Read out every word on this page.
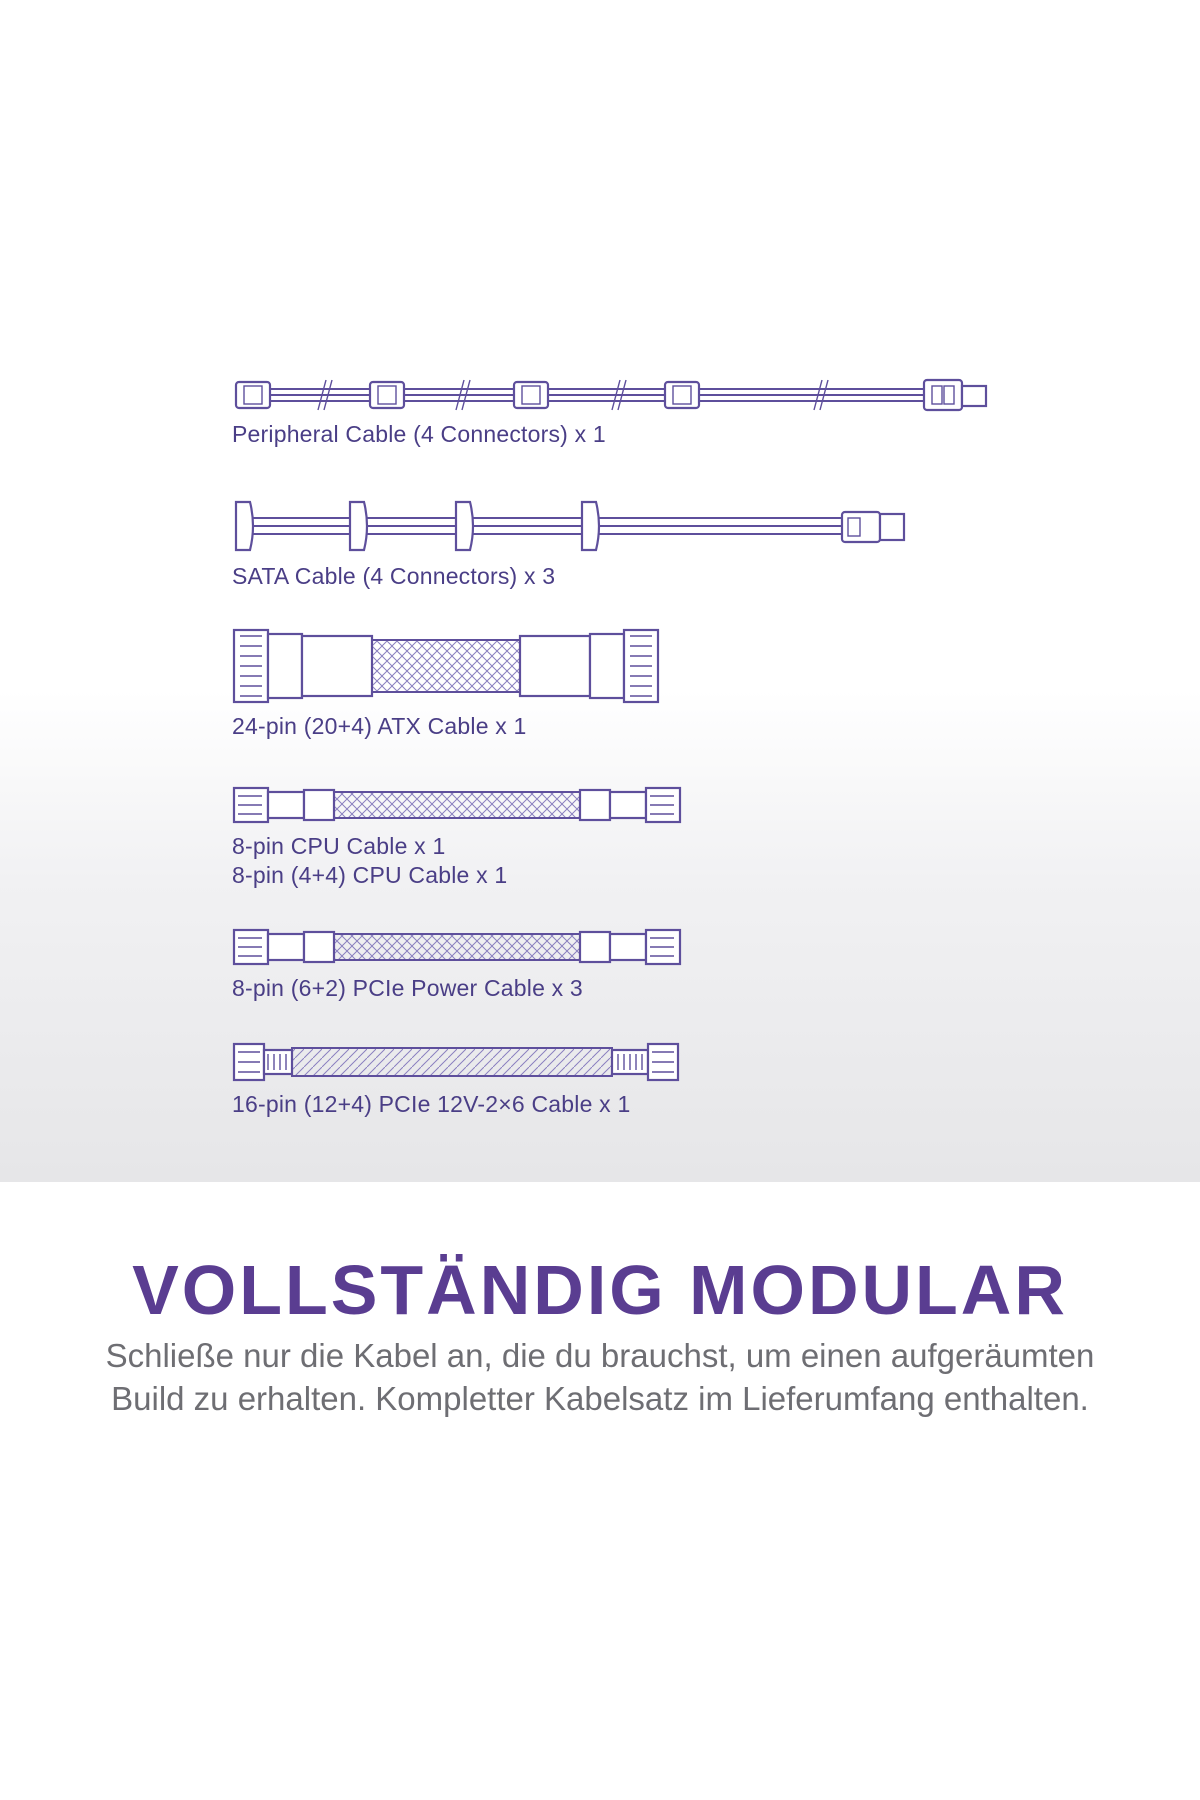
Peripheral Cable (4 Connectors) x 1
SATA Cable (4 Connectors) x 3
24-pin (20+4) ATX Cable x 1
8-pin CPU Cable x 1
8-pin (4+4) CPU Cable x 1
8-pin (6+2) PCIe Power Cable x 3
16-pin (12+4) PCIe 12V-2×6 Cable x 1
VOLLSTÄNDIG MODULAR
Schließe nur die Kabel an, die du brauchst, um einen aufgeräumten
Build zu erhalten. Kompletter Kabelsatz im Lieferumfang enthalten.
